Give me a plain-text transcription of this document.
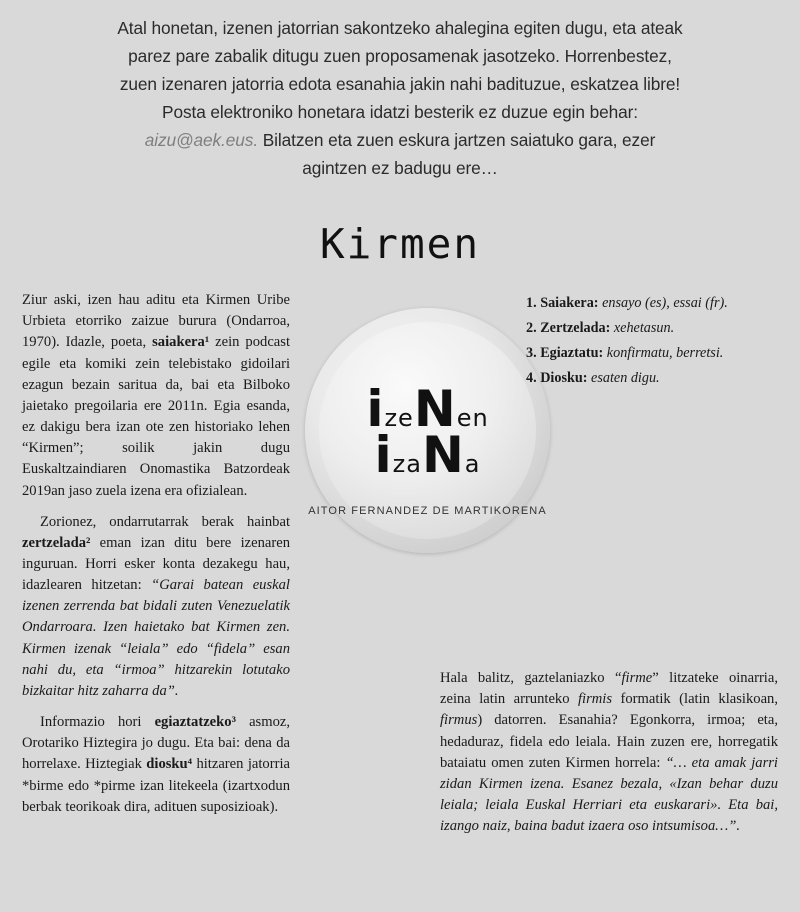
Atal honetan, izenen jatorrian sakontzeko ahalegina egiten dugu, eta ateak
parez pare zabalik ditugu zuen proposamenak jasotzeko. Horrenbestez,
zuen izenaren jatorria edota esanahia jakin nahi badituzue, eskatzea libre!
Posta elektroniko honetara idatzi besterik ez duzue egin behar:
aizu@aek.eus. Bilatzen eta zuen eskura jartzen saiatuko gara, ezer
agintzen ez badugu ere…
Kirmen

Ziur aski, izen hau aditu eta Kirmen Uribe Urbieta etorriko zaizue burura (Ondarroa, 1970). Idazle, poeta, saiakera¹ zein podcast egile eta komiki zein telebistako gidoilari ezagun bezain saritua da, bai eta Bilboko jaietako pregoilaria ere 2011n. Egia esanda, ez dakigu bera izan ote zen historiako lehen “Kirmen”; soilik jakin dugu Euskaltzaindiaren Onomastika Batzordeak 2019an jaso zuela izena era ofizialean.

Zorionez, ondarrutarrak berak hainbat zertzelada² eman izan ditu bere izenaren inguruan. Horri esker konta dezakegu hau, idazlearen hitzetan: “Garai batean euskal izenen zerrenda bat bidali zuten Venezuelatik Ondarroara. Izen haietako bat Kirmen zen. Kirmen izenak “leiala” edo “fidela” esan nahi du, eta “irmoa” hitzarekin lotutako bizkaitar hitz zaharra da”.

Informazio hori egiaztatzeko³ asmoz, Orotariko Hiztegira jo dugu. Eta bai: dena da horrelaxe. Hiztegiak diosku⁴ hitzaren jatorria *birme edo *pirme izan litekeela (izartxodun berbak teorikoak dira, adituen suposizioak).

izeNen
izaNa
AITOR FERNANDEZ DE MARTIKORENA

1. Saiakera: ensayo (es), essai (fr).

2. Zertzelada: xehetasun.

3. Egiaztatu: konfirmatu, berretsi.

4. Diosku: esaten digu.

Hala balitz, gaztelaniazko “firme” litzateke oinarria, zeina latin arrunteko firmis formatik (latin klasikoan, firmus) datorren. Esanahia? Egonkorra, irmoa; eta, hedaduraz, fidela edo leiala. Hain zuzen ere, horregatik bataiatu omen zuten Kirmen horrela: “… eta amak jarri zidan Kirmen izena. Esanez bezala, «Izan behar duzu leiala; leiala Euskal Herriari eta euskarari». Eta bai, izango naiz, baina badut izaera oso intsumisoa…”.
